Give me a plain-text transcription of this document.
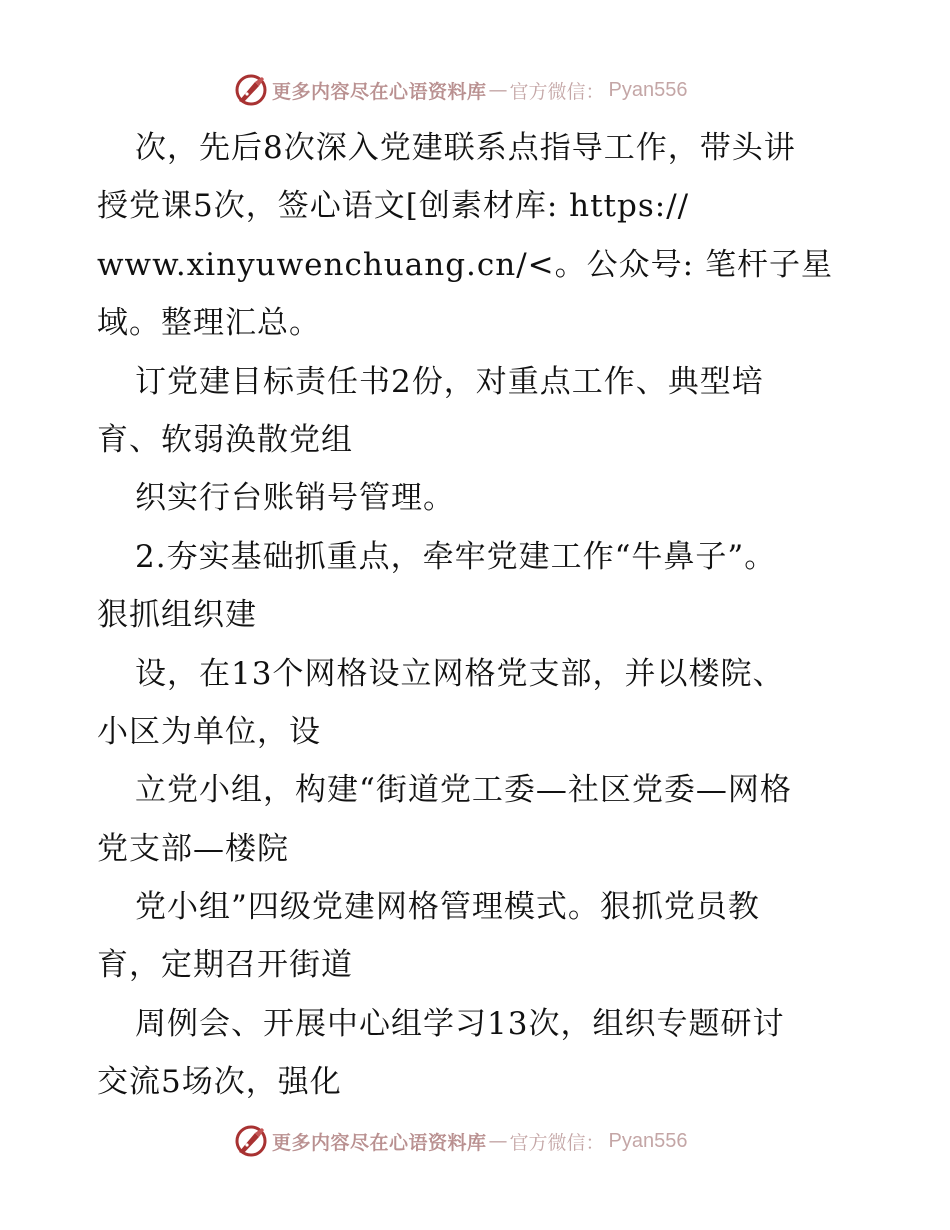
更多内容尽在心语资料库 — 官方微信： Pyan556
次，先后8次深入党建联系点指导工作，带头讲
授党课5次，签心语文[创素材库: https://
www.xinyuwenchuang.cn/<。公众号: 笔杆子星
域。整理汇总。
订党建目标责任书2份，对重点工作、典型培
育、软弱涣散党组
织实行台账销号管理。
2.夯实基础抓重点，牵牢党建工作“牛鼻子”。
狠抓组织建
设，在13个网格设立网格党支部，并以楼院、
小区为单位，设
立党小组，构建“街道党工委—社区党委—网格
党支部—楼院
党小组”四级党建网格管理模式。狠抓党员教
育，定期召开街道
周例会、开展中心组学习13次，组织专题研讨
交流5场次，强化
更多内容尽在心语资料库 — 官方微信： Pyan556
